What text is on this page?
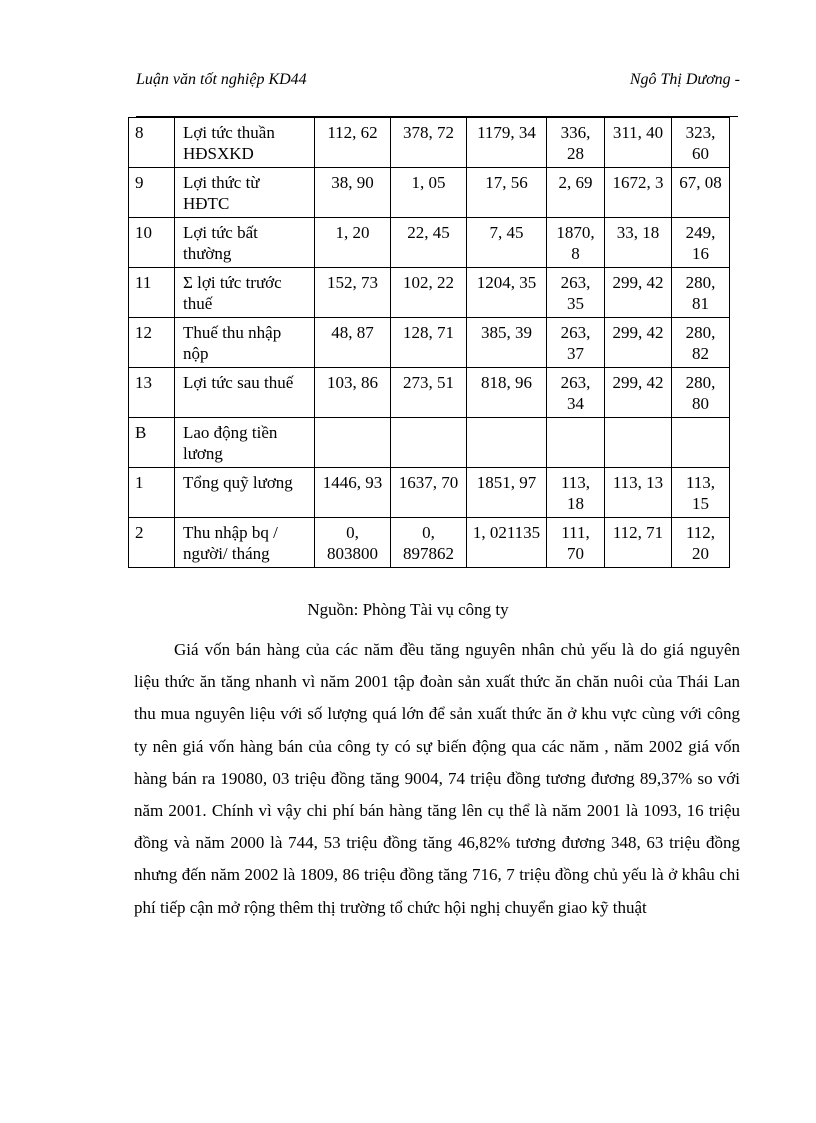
Luận văn tốt nghiệp KD44	Ngô Thị Dương -
8	Lợi tức thuần HĐSXKD	112, 62	378, 72	1179, 34	336, 28	311, 40	323, 60
9	Lợi thức từ HĐTC	38, 90	1, 05	17, 56	2, 69	1672, 3	67, 08
10	Lợi tức bất thường	1, 20	22, 45	7, 45	1870, 8	33, 18	249, 16
11	Σ lợi tức trước thuế	152, 73	102, 22	1204, 35	263, 35	299, 42	280, 81
12	Thuế thu nhập nộp	48, 87	128, 71	385, 39	263, 37	299, 42	280, 82
13	Lợi tức sau thuế	103, 86	273, 51	818, 96	263, 34	299, 42	280, 80
B	Lao động tiền lương						
1	Tổng quỹ lương	1446, 93	1637, 70	1851, 97	113, 18	113, 13	113, 15
2	Thu nhập bq / người/ tháng	0, 803800	0, 897862	1, 021135	111, 70	112, 71	112, 20
Nguồn: Phòng Tài vụ công ty

Giá vốn bán hàng của các năm đều tăng nguyên nhân chủ yếu là do giá nguyên liệu thức ăn tăng nhanh vì năm 2001 tập đoàn sản xuất thức ăn chăn nuôi của Thái Lan thu mua nguyên liệu với số lượng quá lớn để sản xuất thức ăn ở khu vực cùng với công ty nên giá vốn hàng bán của công ty có sự biến động qua các năm , năm 2002 giá vốn hàng bán ra 19080, 03 triệu đồng tăng 9004, 74 triệu đồng tương đương 89,37% so với năm 2001. Chính vì vậy chi phí bán hàng tăng lên cụ thể là năm 2001 là 1093, 16 triệu đồng và năm 2000 là 744, 53 triệu đồng tăng 46,82% tương đương 348, 63 triệu đồng nhưng đến năm 2002 là 1809, 86 triệu đồng tăng 716, 7 triệu đồng chủ yếu là ở khâu chi phí tiếp cận mở rộng thêm thị trường tổ chức hội nghị chuyển giao kỹ thuật
